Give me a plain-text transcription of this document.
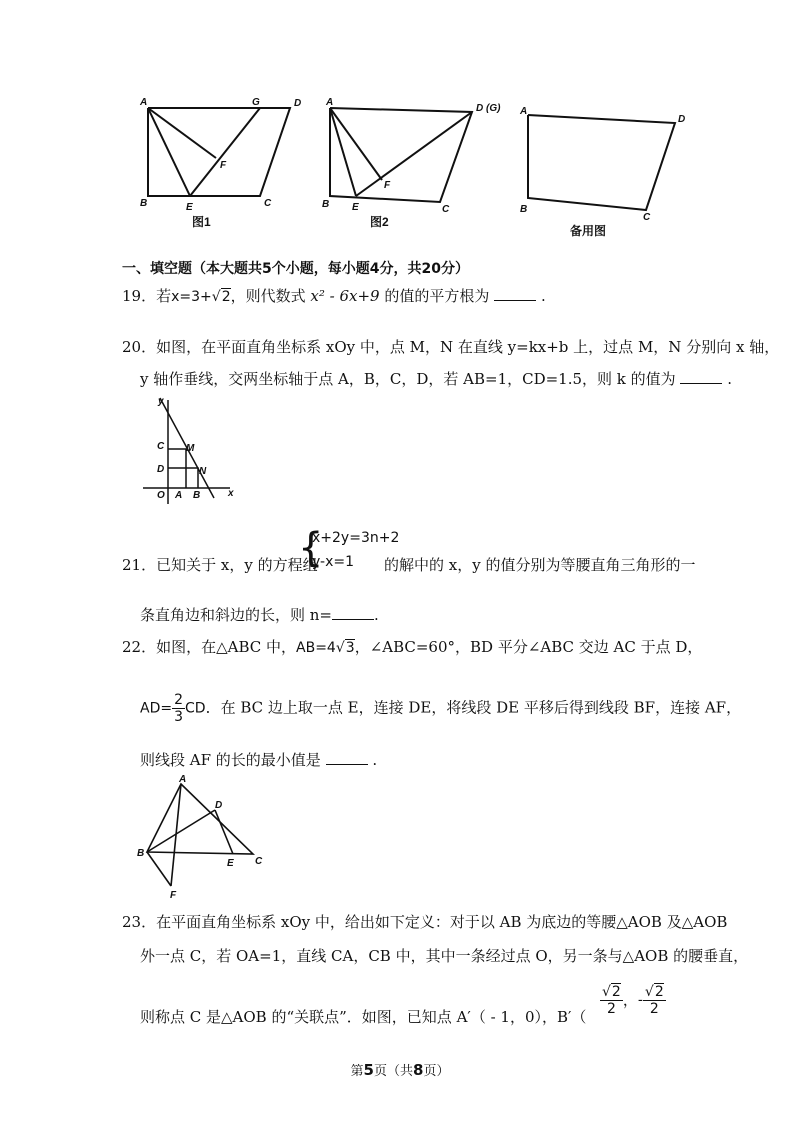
A	G	D
F
B	E	C
图1
A
D (G)
F
B E	C
图2
A
D
B
C
备用图
一、填空题（本大题共5个小题，每小题4分，共20分）
19．若x=3+√2，则代数式 x² - 6x+9 的值的平方根为	.
20．如图，在平面直角坐标系 xOy 中，点 M，N 在直线 y=kx+b 上，过点 M，N 分别向 x 轴，
y 轴作垂线，交两坐标轴于点 A，B，C，D，若 AB=1，CD=1.5，则 k 的值为	.
y
x
C M
D	N
O A B
{
x+2y=3n+2
y-x=1
21．已知关于 x，y 的方程组	的解中的 x，y 的值分别为等腰直角三角形的一
条直角边和斜边的长，则 n=	.
22．如图，在△ABC 中，AB=4√3，∠ABC=60°，BD 平分∠ABC 交边 AC 于点 D，
$AD= \frac{2}{3}$ CD．在 BC 边上取一点 E，连接 DE，将线段 DE 平移后得到线段 BF，连接 AF，
则线段 AF 的长的最小值是	.
A
D
B
E C
F
23．在平面直角坐标系 xOy 中，给出如下定义：对于以 AB 为底边的等腰△AOB 及△AOB
外一点 C，若 OA=1，直线 CA，CB 中，其中一条经过点 O，另一条与△AOB 的腰垂直，
则称点 C 是△AOB 的“关联点”．如图，已知点 A′（ - 1，0），$B'( \frac{√2}{2}$ ，- $\frac{√2}{2}$
第5页（共8页）
